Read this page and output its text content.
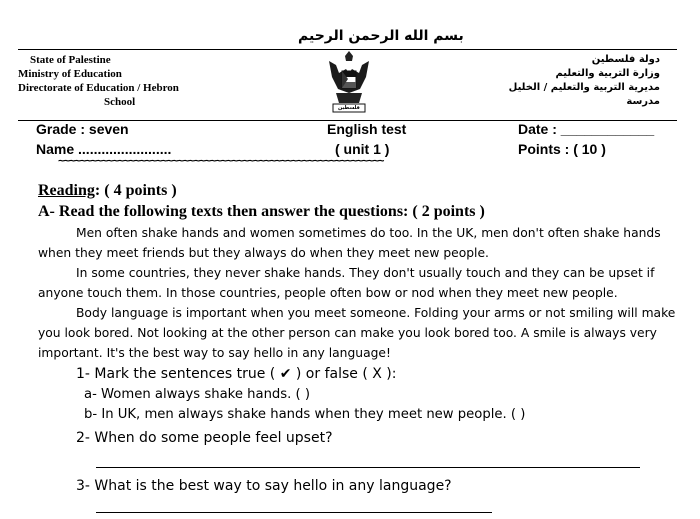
بسم الله الرحمن الرحيم
State of Palestine
Ministry of Education
Directorate of Education / Hebron
School	فلسطين
دولة فلسطين
وزارة التربية والتعليم
مديرية التربية والتعليم / الخليل
مدرسة
Grade : seven
Name ........................
English test
( unit 1 )
Date : ____________
Points : ( 10 )
~~~~~~~~~~~~~~~~~~~~~~~~~~~~~~~~~~~~~~~~~~~~~~~~~~~~~~~~~~~~
Reading: ( 4 points )
A- Read the following texts then answer the questions: ( 2 points )
Men often shake hands and women sometimes do too. In the UK, men don't often shake hands
when they meet friends but they always do when they meet new people.
In some countries, they never shake hands. They don't usually touch and they can be upset if
anyone touch them. In those countries, people often bow or nod when they meet new people.
Body language is important when you meet someone. Folding your arms or not smiling will make
you look bored. Not looking at the other person can make you look bored too. A smile is always very
important. It's the best way to say hello in any language!
1- Mark the sentences true ( ✔ ) or false ( X ):
a- Women always shake hands. ( )
b- In UK, men always shake hands when they meet new people. ( )
2- When do some people feel upset?
3- What is the best way to say hello in any language?
